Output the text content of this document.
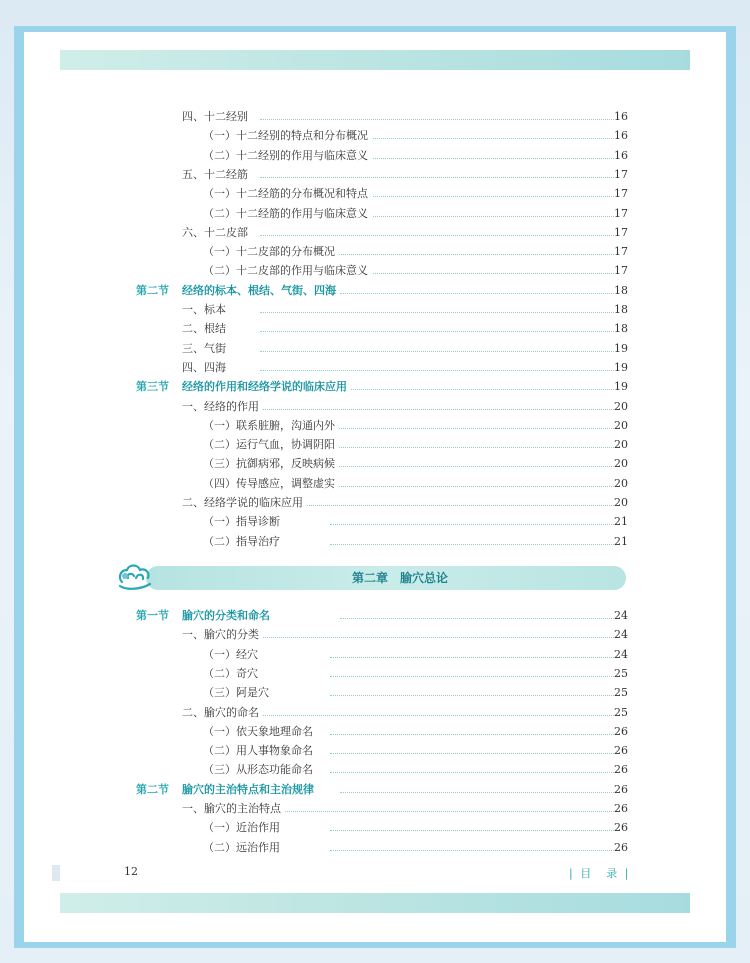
四、十二经别	16
（一）十二经别的特点和分布概况	16
（二）十二经别的作用与临床意义	16
五、十二经筋	17
（一）十二经筋的分布概况和特点	17
（二）十二经筋的作用与临床意义	17
六、十二皮部	17
（一）十二皮部的分布概况	17
（二）十二皮部的作用与临床意义	17
第二节 经络的标本、根结、气街、四海	18
一、标本	18
二、根结	18
三、气街	19
四、四海	19
第三节 经络的作用和经络学说的临床应用	19
一、经络的作用	20
（一）联系脏腑，沟通内外	20
（二）运行气血，协调阴阳	20
（三）抗御病邪，反映病候	20
（四）传导感应，调整虚实	20
二、经络学说的临床应用	20
（一）指导诊断	21
（二）指导治疗	21
第二章　腧穴总论
第一节 腧穴的分类和命名	24
一、腧穴的分类	24
（一）经穴	24
（二）奇穴	25
（三）阿是穴	25
二、腧穴的命名	25
（一）依天象地理命名	26
（二）用人事物象命名	26
（三）从形态功能命名	26
第二节 腧穴的主治特点和主治规律	26
一、腧穴的主治特点	26
（一）近治作用	26
（二）远治作用	26
12	| 目　录 |
